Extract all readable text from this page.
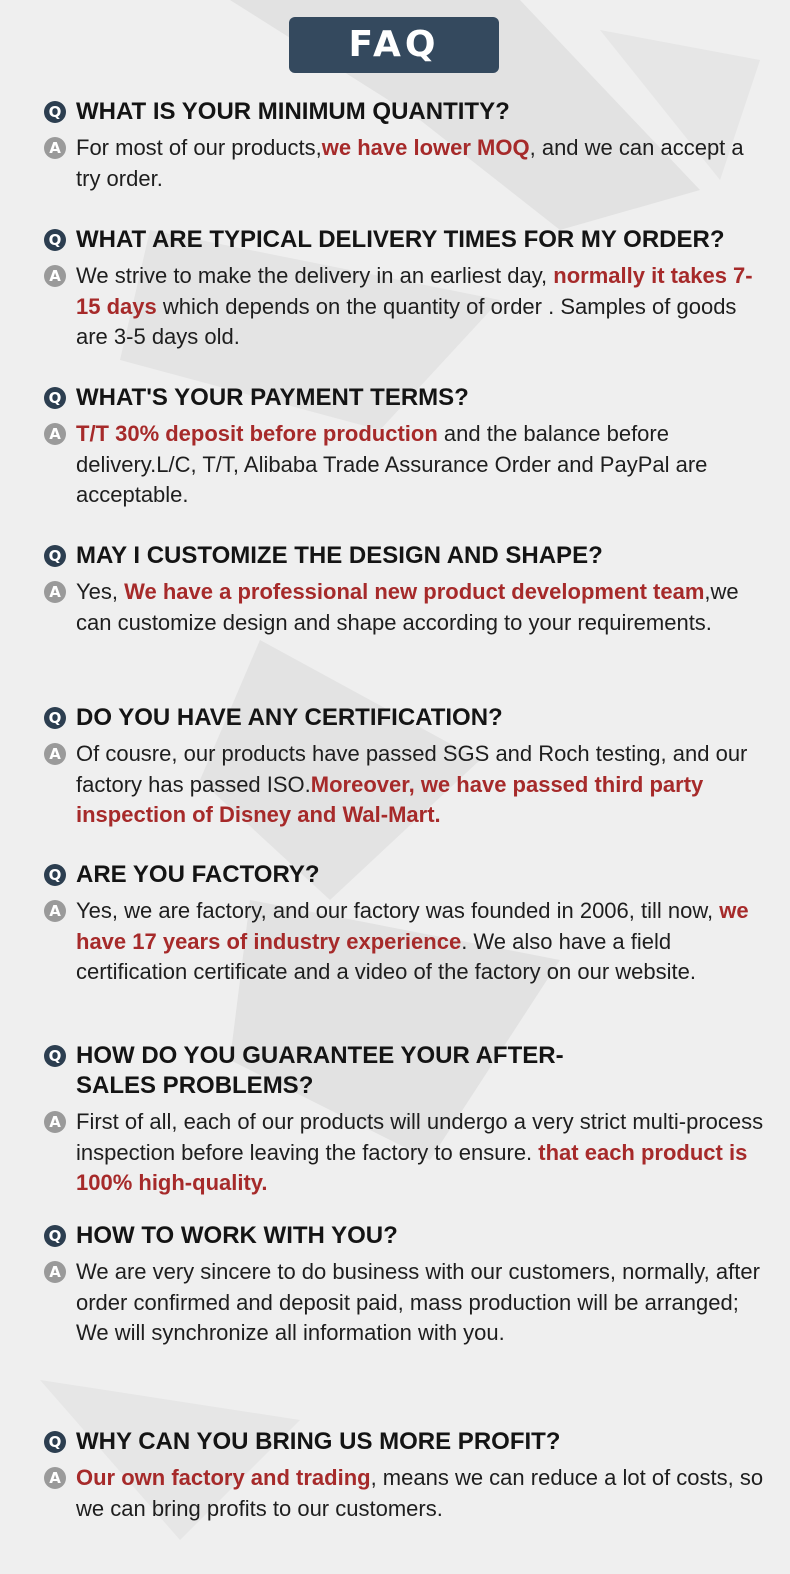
FAQ
Q WHAT IS YOUR MINIMUM QUANTITY?
A For most of our products,we have lower MOQ, and we can accept a try order.
Q WHAT ARE TYPICAL DELIVERY TIMES FOR MY ORDER?
A We strive to make the delivery in an earliest day, normally it takes 7-15 days which depends on the quantity of order . Samples of goods are 3-5 days old.
Q WHAT'S YOUR PAYMENT TERMS?
A T/T 30% deposit before production and the balance before delivery.L/C, T/T, Alibaba Trade Assurance Order and PayPal are acceptable.
Q MAY I CUSTOMIZE THE DESIGN AND SHAPE?
A Yes, We have a professional new product development team,we can customize design and shape according to your requirements.
Q DO YOU HAVE ANY CERTIFICATION?
A Of cousre, our products have passed SGS and Roch testing, and our factory has passed ISO.Moreover, we have passed third party inspection of Disney and Wal-Mart.
Q ARE YOU FACTORY?
A Yes, we are factory, and our factory was founded in 2006, till now, we have 17 years of industry experience. We also have a field certification certificate and a video of the factory on our website.
Q HOW DO YOU GUARANTEE YOUR AFTER-SALES PROBLEMS?
A First of all, each of our products will undergo a very strict multi-process inspection before leaving the factory to ensure. that each product is 100% high-quality.
Q HOW TO WORK WITH YOU?
A We are very sincere to do business with our customers, normally, after order confirmed and deposit paid, mass production will be arranged; We will synchronize all information with you.
Q WHY CAN YOU BRING US MORE PROFIT?
A Our own factory and trading, means we can reduce a lot of costs, so we can bring profits to our customers.
